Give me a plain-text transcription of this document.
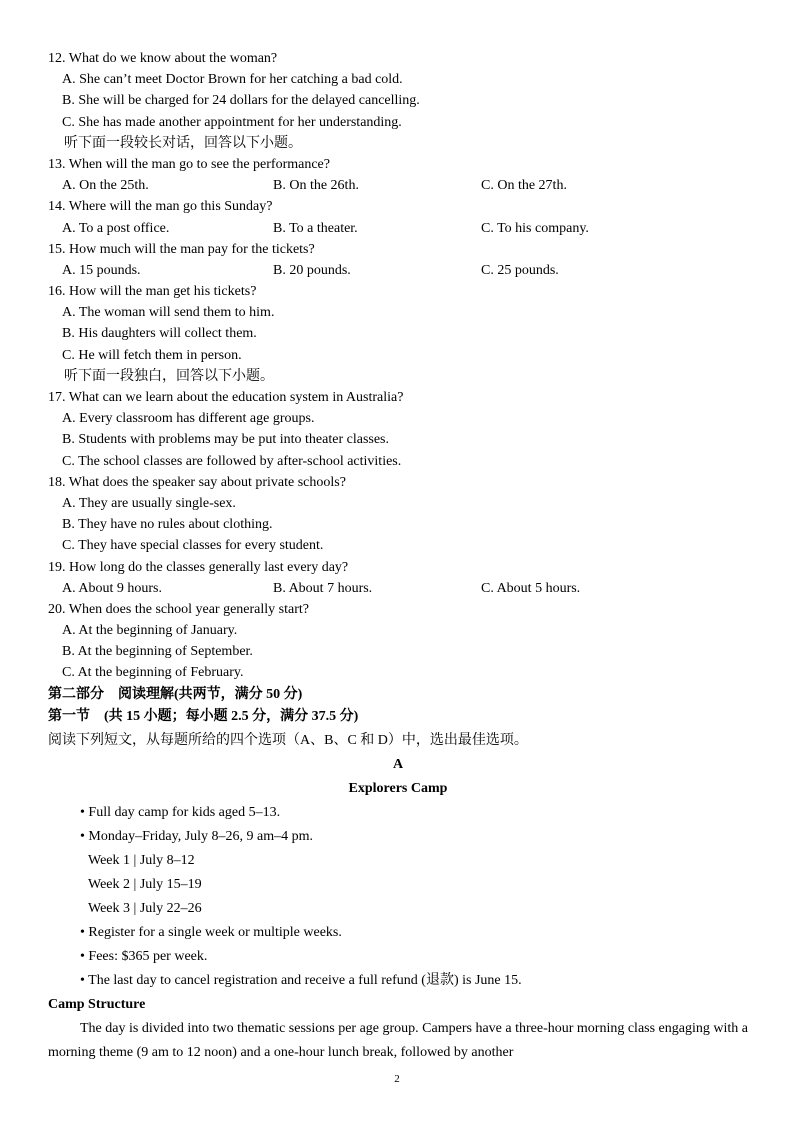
12. What do we know about the woman?
A. She can’t meet Doctor Brown for her catching a bad cold.
B. She will be charged for 24 dollars for the delayed cancelling.
C. She has made another appointment for her understanding.
听下面一段较长对话，回答以下小题。
13. When will the man go to see the performance?
A. On the 25th.	B. On the 26th.	C. On the 27th.
14. Where will the man go this Sunday?
A. To a post office.	B. To a theater.	C. To his company.
15. How much will the man pay for the tickets?
A. 15 pounds.	B. 20 pounds.	C. 25 pounds.
16. How will the man get his tickets?
A. The woman will send them to him.
B. His daughters will collect them.
C. He will fetch them in person.
听下面一段独白，回答以下小题。
17. What can we learn about the education system in Australia?
A. Every classroom has different age groups.
B. Students with problems may be put into theater classes.
C. The school classes are followed by after-school activities.
18. What does the speaker say about private schools?
A. They are usually single-sex.
B. They have no rules about clothing.
C. They have special classes for every student.
19. How long do the classes generally last every day?
A. About 9 hours.	B. About 7 hours.	C. About 5 hours.
20. When does the school year generally start?
A. At the beginning of January.
B. At the beginning of September.
C. At the beginning of February.
第二部分　阅读理解(共两节，满分 50 分)
第一节　(共 15 小题；每小题 2.5 分，满分 37.5 分)
阅读下列短文，从每题所给的四个选项（A、B、C 和 D）中，选出最佳选项。
A
Explorers Camp
• Full day camp for kids aged 5–13.
• Monday–Friday, July 8–26, 9 am–4 pm.
Week 1 | July 8–12
Week 2 | July 15–19
Week 3 | July 22–26
• Register for a single week or multiple weeks.
• Fees: $365 per week.
• The last day to cancel registration and receive a full refund (退款) is June 15.
Camp Structure
The day is divided into two thematic sessions per age group. Campers have a three-hour morning class engaging with a morning theme (9 am to 12 noon) and a one-hour lunch break, followed by another
2
